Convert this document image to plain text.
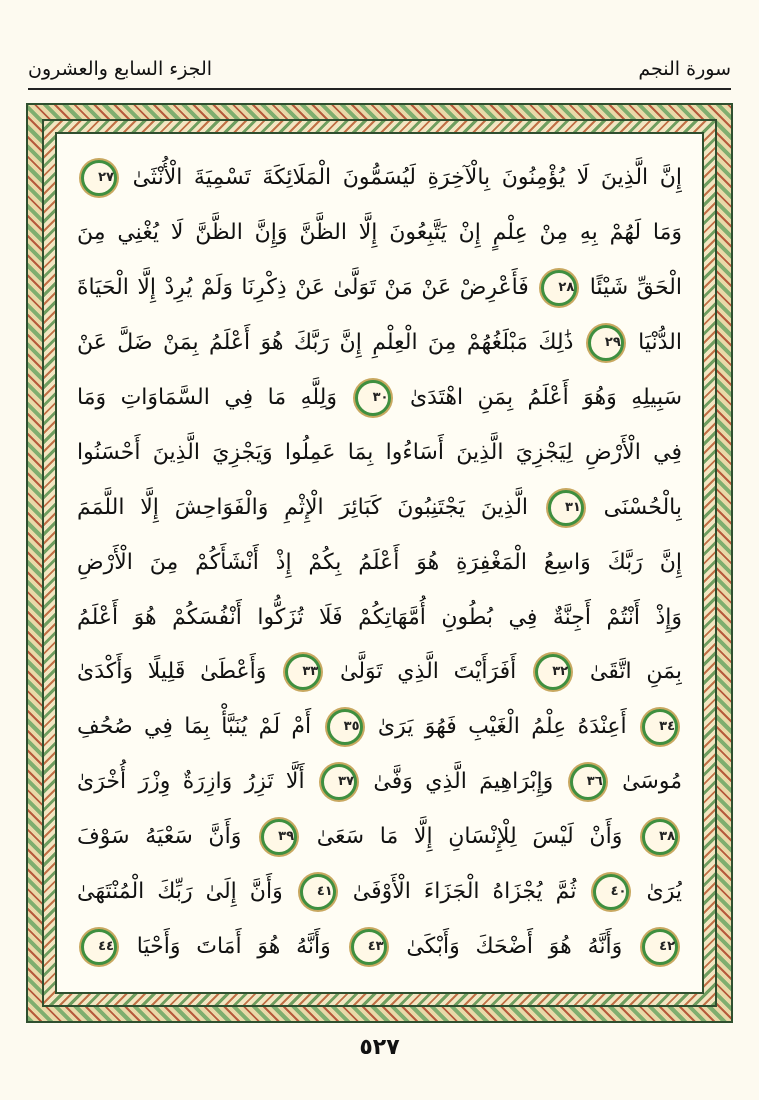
الجزء السابع والعشرون	سورة النجم
إِنَّ الَّذِينَ لَا يُؤْمِنُونَ بِالْآخِرَةِ لَيُسَمُّونَ الْمَلَائِكَةَ تَسْمِيَةَ الْأُنْثَىٰ ٢٧
وَمَا لَهُمْ بِهِ مِنْ عِلْمٍ إِنْ يَتَّبِعُونَ إِلَّا الظَّنَّ وَإِنَّ الظَّنَّ لَا يُغْنِي مِنَ
الْحَقِّ شَيْئًا ٢٨ فَأَعْرِضْ عَنْ مَنْ تَوَلَّىٰ عَنْ ذِكْرِنَا وَلَمْ يُرِدْ إِلَّا الْحَيَاةَ
الدُّنْيَا ٢٩ ذَٰلِكَ مَبْلَغُهُمْ مِنَ الْعِلْمِ إِنَّ رَبَّكَ هُوَ أَعْلَمُ بِمَنْ ضَلَّ عَنْ
سَبِيلِهِ وَهُوَ أَعْلَمُ بِمَنِ اهْتَدَىٰ ٣٠ وَلِلَّهِ مَا فِي السَّمَاوَاتِ وَمَا
فِي الْأَرْضِ لِيَجْزِيَ الَّذِينَ أَسَاءُوا بِمَا عَمِلُوا وَيَجْزِيَ الَّذِينَ أَحْسَنُوا
بِالْحُسْنَى ٣١ الَّذِينَ يَجْتَنِبُونَ كَبَائِرَ الْإِثْمِ وَالْفَوَاحِشَ إِلَّا اللَّمَمَ
إِنَّ رَبَّكَ وَاسِعُ الْمَغْفِرَةِ هُوَ أَعْلَمُ بِكُمْ إِذْ أَنْشَأَكُمْ مِنَ الْأَرْضِ
وَإِذْ أَنْتُمْ أَجِنَّةٌ فِي بُطُونِ أُمَّهَاتِكُمْ فَلَا تُزَكُّوا أَنْفُسَكُمْ هُوَ أَعْلَمُ
بِمَنِ اتَّقَىٰ ٣٢ أَفَرَأَيْتَ الَّذِي تَوَلَّىٰ ٣٣ وَأَعْطَىٰ قَلِيلًا وَأَكْدَىٰ
٣٤ أَعِنْدَهُ عِلْمُ الْغَيْبِ فَهُوَ يَرَىٰ ٣٥ أَمْ لَمْ يُنَبَّأْ بِمَا فِي صُحُفِ
مُوسَىٰ ٣٦ وَإِبْرَاهِيمَ الَّذِي وَفَّىٰ ٣٧ أَلَّا تَزِرُ وَازِرَةٌ وِزْرَ أُخْرَىٰ
٣٨ وَأَنْ لَيْسَ لِلْإِنْسَانِ إِلَّا مَا سَعَىٰ ٣٩ وَأَنَّ سَعْيَهُ سَوْفَ
يُرَىٰ ٤٠ ثُمَّ يُجْزَاهُ الْجَزَاءَ الْأَوْفَىٰ ٤١ وَأَنَّ إِلَىٰ رَبِّكَ الْمُنْتَهَىٰ
٤٢ وَأَنَّهُ هُوَ أَضْحَكَ وَأَبْكَىٰ ٤٣ وَأَنَّهُ هُوَ أَمَاتَ وَأَحْيَا ٤٤
٥٢٧
